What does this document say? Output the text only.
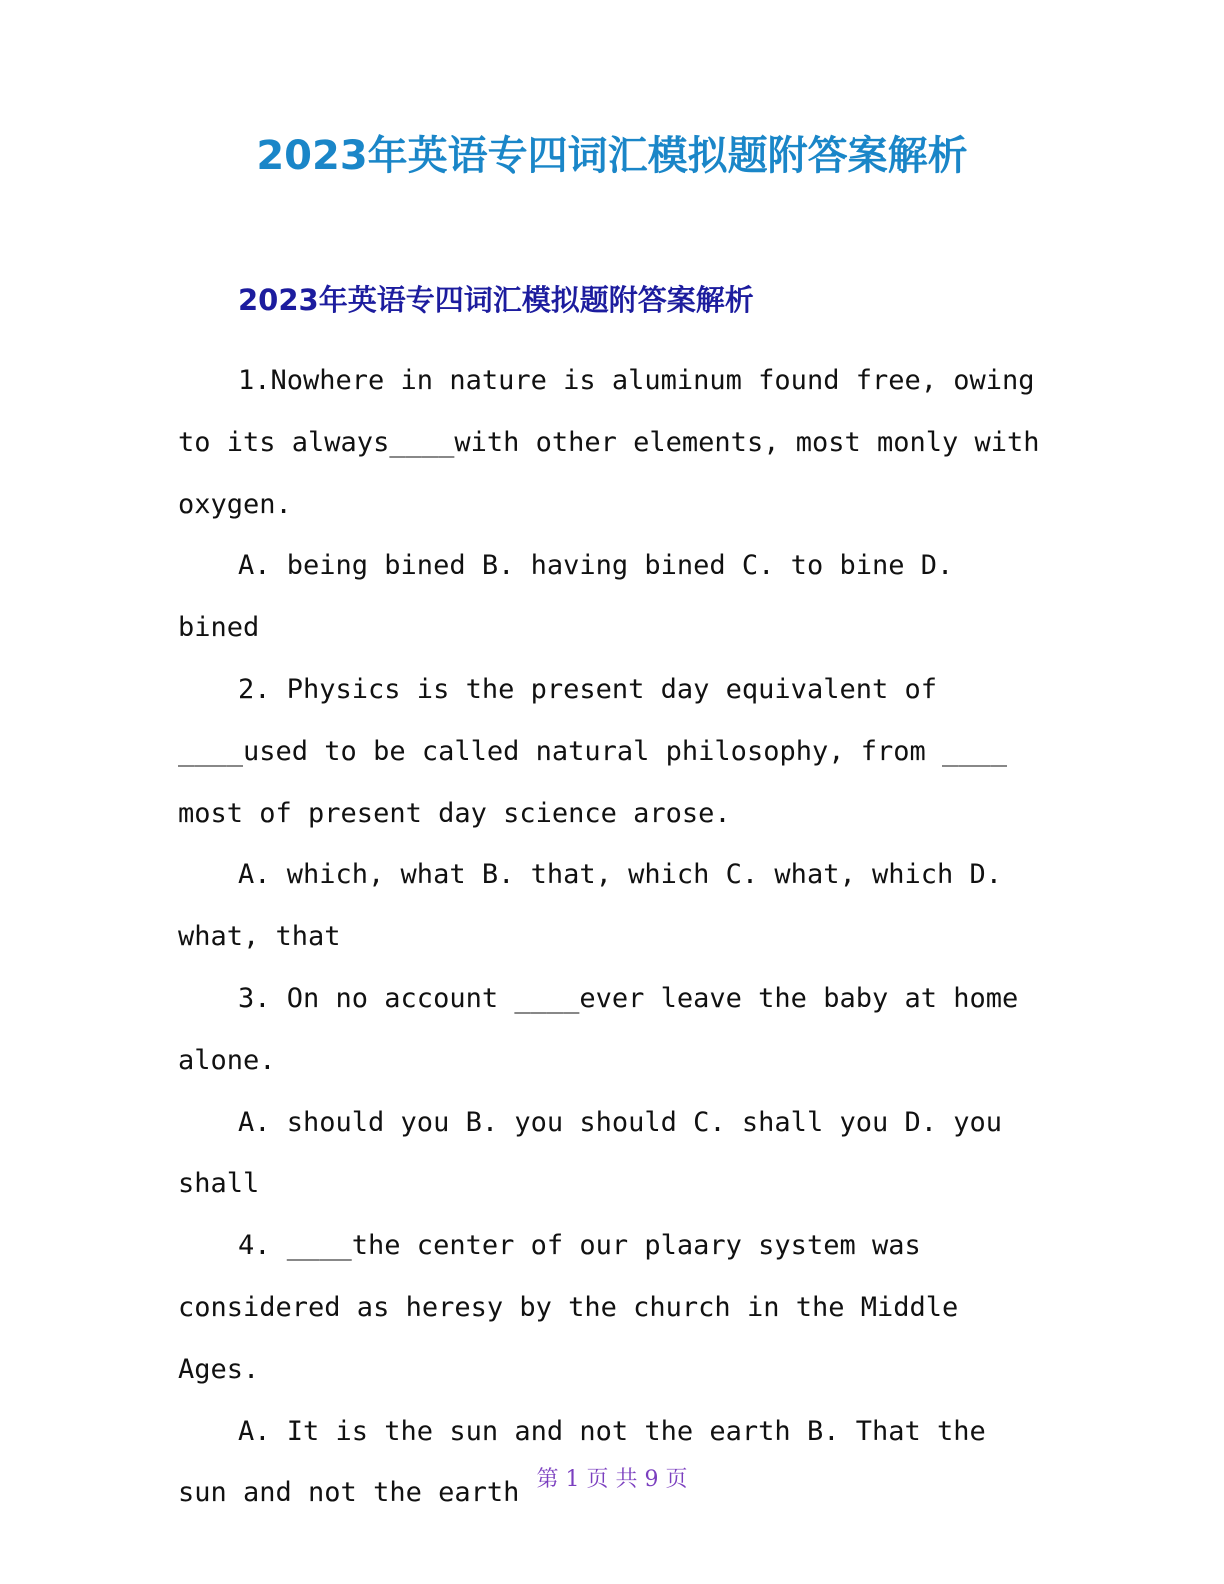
2023年英语专四词汇模拟题附答案解析
2023年英语专四词汇模拟题附答案解析

1.Nowhere in nature is aluminum found free, owing to its always____with other elements, most monly with oxygen.

A. being bined B. having bined C. to bine D. bined

2. Physics is the present day equivalent of ____used to be called natural philosophy, from ____ most of present day science arose.

A. which, what B. that, which C. what, which D. what, that

3. On no account ____ever leave the baby at home alone.

A. should you B. you should C. shall you D. you shall

4. ____the center of our plaary system was considered as heresy by the church in the Middle Ages.

A. It is the sun and not the earth B. That the sun and not the earth 第 1 页 共 9 页
